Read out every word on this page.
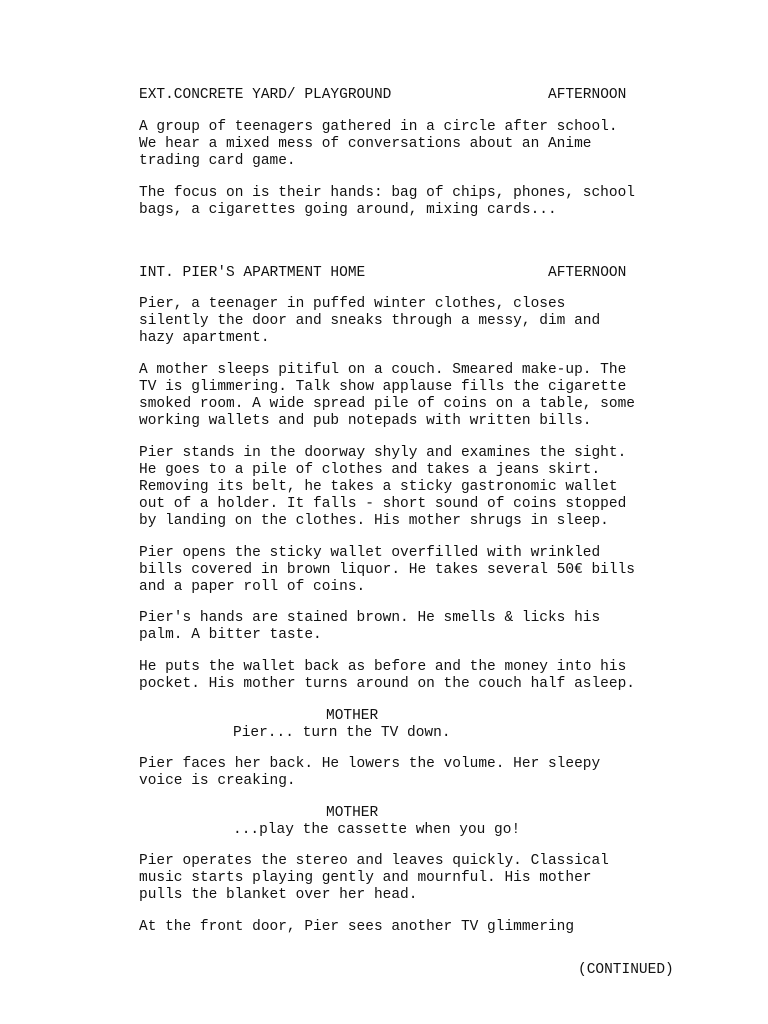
EXT.CONCRETE YARD/ PLAYGROUND	AFTERNOON
A group of teenagers gathered in a circle after school.
We hear a mixed mess of conversations about an Anime
trading card game.
The focus on is their hands: bag of chips, phones, school
bags, a cigarettes going around, mixing cards...
INT. PIER'S APARTMENT HOME	AFTERNOON
Pier, a teenager in puffed winter clothes, closes
silently the door and sneaks through a messy, dim and
hazy apartment.
A mother sleeps pitiful on a couch. Smeared make-up. The
TV is glimmering. Talk show applause fills the cigarette
smoked room. A wide spread pile of coins on a table, some
working wallets and pub notepads with written bills.
Pier stands in the doorway shyly and examines the sight.
He goes to a pile of clothes and takes a jeans skirt.
Removing its belt, he takes a sticky gastronomic wallet
out of a holder. It falls - short sound of coins stopped
by landing on the clothes. His mother shrugs in sleep.
Pier opens the sticky wallet overfilled with wrinkled
bills covered in brown liquor. He takes several 50€ bills
and a paper roll of coins.
Pier's hands are stained brown. He smells & licks his
palm. A bitter taste.
He puts the wallet back as before and the money into his
pocket. His mother turns around on the couch half asleep.
MOTHER
Pier... turn the TV down.
Pier faces her back. He lowers the volume. Her sleepy
voice is creaking.
MOTHER
...play the cassette when you go!
Pier operates the stereo and leaves quickly. Classical
music starts playing gently and mournful. His mother
pulls the blanket over her head.
At the front door, Pier sees another TV glimmering
(CONTINUED)
